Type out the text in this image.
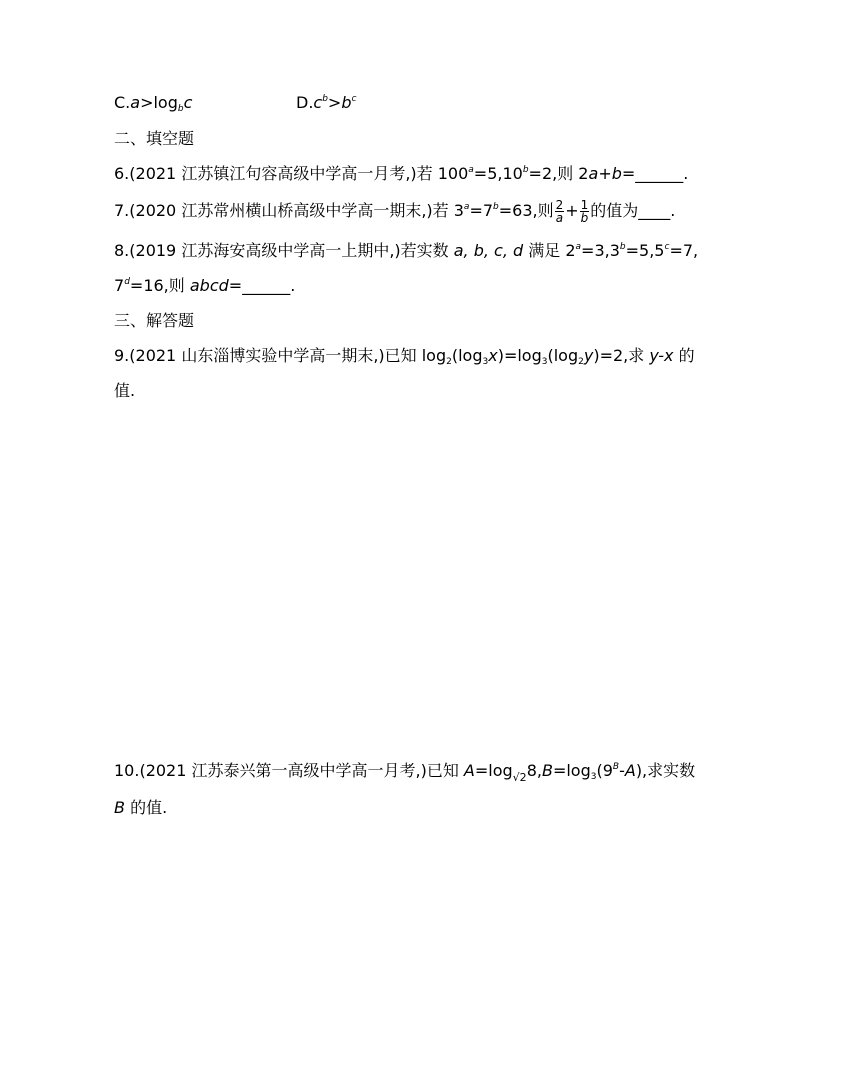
$C.a>\log_bc$	$D.c^b>b^c$
二、填空题
6.(2021 江苏镇江句容高级中学高一月考,)若 $100^a=5,10^b=2$,则 2a+b=______.
7.(2020 江苏常州横山桥高级中学高一期末,)若 $3^a=7^b=63$,则 $\frac{2}{a} + \frac{1}{b}$ 的值为____.
8.(2019 江苏海安高级中学高一上期中,)若实数 a, b, c, d 满足 $2^a=3,3^b=5,5^c=7$,
$7^d=16$,则 abcd=______.
三、解答题
9.(2021 山东淄博实验中学高一期末,)已知 $\log_2(\log_3x)=\log_3(\log_2y)=2$,求 y-x 的
值.
10.(2021 江苏泰兴第一高级中学高一月考,)已知 $A=\log_{√2}8,B=\log_3(9^B-A)$,求实数
B 的值.
